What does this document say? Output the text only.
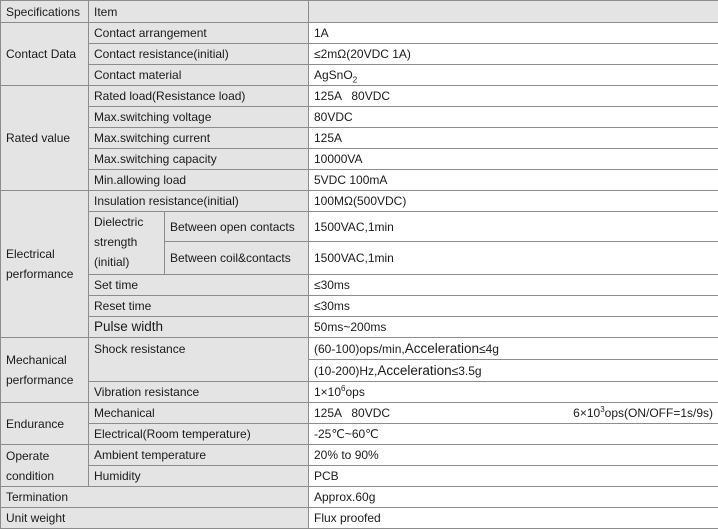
Specifications	Item		
Contact Data	Contact arrangement		1A
	Contact resistance(initial)		≤2mΩ(20VDC 1A)
	Contact material		AgSnO$_2$
Rated value	Rated load(Resistance load)		125A   80VDC
	Max.switching voltage		80VDC
	Max.switching current		125A
	Max.switching capacity		10000VA
	Min.allowing load		5VDC 100mA
Electrical performance	Insulation resistance(initial)		100MΩ(500VDC)
	Dielectric strength (initial)	Between open contacts	1500VAC,1min
		Between coil&contacts	1500VAC,1min
	Set time		≤30ms
	Reset time		≤30ms
	Pulse width		50ms~200ms
Mechanical performance	Shock resistance		(60-100)ops/min,Acceleration≤4g
			(10-200)Hz,Acceleration≤3.5g
	Vibration resistance		$1\times 10^6ops$
Endurance	Mechanical		125A   80VDC $6\times 10^3ops(ON/OFF=1s/9s)$

	Electrical(Room temperature)		-25℃~60℃
Operate condition	Ambient temperature		20% to 90%
	Humidity		PCB
Termination			Approx.60g
Unit weight			Flux proofed
